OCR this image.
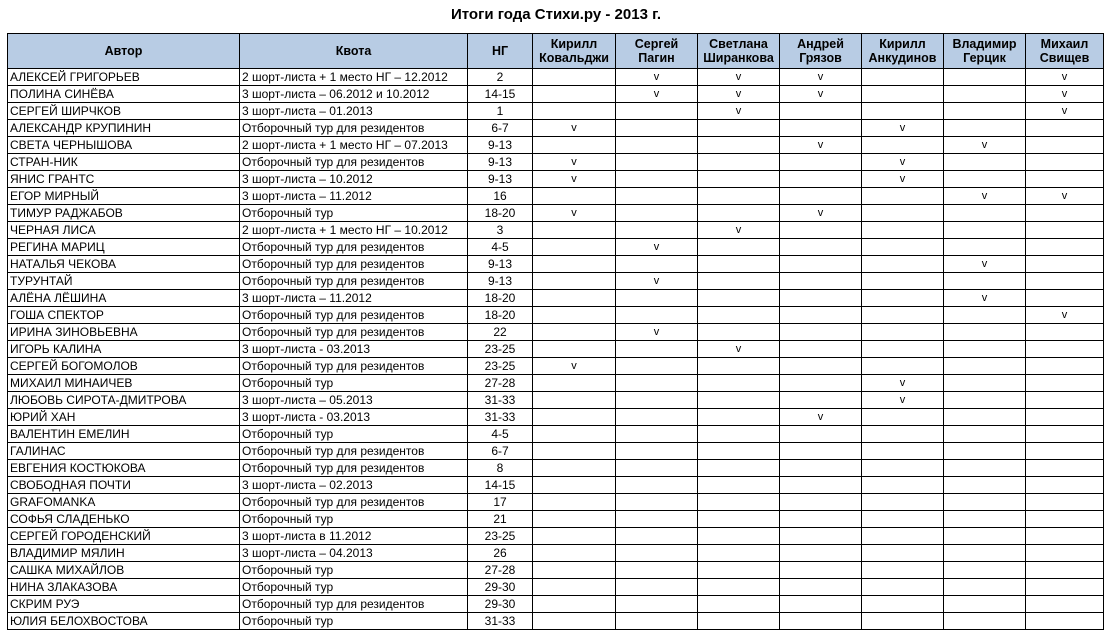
Итоги года Стихи.ру - 2013 г.
Автор	Квота	НГ	Кирилл Ковальджи	Сергей Пагин	Светлана Ширанкова	Андрей Грязов	Кирилл Анкудинов	Владимир Герцик	Михаил Свищев
АЛЕКСЕЙ ГРИГОРЬЕВ	2 шорт-листа + 1 место НГ – 12.2012	2		v	v	v			v
ПОЛИНА СИНЁВА	3 шорт-листа – 06.2012 и 10.2012	14-15		v	v	v			v
СЕРГЕЙ ШИРЧКОВ	3 шорт-листа – 01.2013	1			v				v
АЛЕКСАНДР КРУПИНИН	Отборочный тур для резидентов	6-7	v				v		
СВЕТА ЧЕРНЫШОВА	2 шорт-листа + 1 место НГ – 07.2013	9-13				v		v	
СТРАН-НИК	Отборочный тур для резидентов	9-13	v				v		
ЯНИС ГРАНТС	3 шорт-листа – 10.2012	9-13	v				v		
ЕГОР МИРНЫЙ	3 шорт-листа – 11.2012	16						v	v
ТИМУР РАДЖАБОВ	Отборочный тур	18-20	v			v			
ЧЕРНАЯ ЛИСА	2 шорт-листа + 1 место НГ – 10.2012	3			v				
РЕГИНА МАРИЦ	Отборочный тур для резидентов	4-5		v					
НАТАЛЬЯ ЧЕКОВА	Отборочный тур для резидентов	9-13						v	
ТУРУНТАЙ	Отборочный тур для резидентов	9-13		v					
АЛЁНА ЛЁШИНА	3 шорт-листа – 11.2012	18-20						v	
ГОША СПЕКТОР	Отборочный тур для резидентов	18-20							v
ИРИНА ЗИНОВЬЕВНА	Отборочный тур для резидентов	22		v					
ИГОРЬ КАЛИНА	3 шорт-листа - 03.2013	23-25			v				
СЕРГЕЙ БОГОМОЛОВ	Отборочный тур для резидентов	23-25	v						
МИХАИЛ МИНАИЧЕВ	Отборочный тур	27-28					v		
ЛЮБОВЬ СИРОТА-ДМИТРОВА	3 шорт-листа – 05.2013	31-33					v		
ЮРИЙ ХАН	3 шорт-листа - 03.2013	31-33				v			
ВАЛЕНТИН ЕМЕЛИН	Отборочный тур	4-5							
ГАЛИНАС	Отборочный тур для резидентов	6-7							
ЕВГЕНИЯ КОСТЮКОВА	Отборочный тур для резидентов	8							
СВОБОДНАЯ ПОЧТИ	3 шорт-листа – 02.2013	14-15							
GRAFOMANKA	Отборочный тур для резидентов	17							
СОФЬЯ СЛАДЕНЬКО	Отборочный тур	21							
СЕРГЕЙ ГОРОДЕНСКИЙ	3 шорт-листа в 11.2012	23-25							
ВЛАДИМИР МЯЛИН	3 шорт-листа – 04.2013	26							
САШКА МИХАЙЛОВ	Отборочный тур	27-28							
НИНА ЗЛАКАЗОВА	Отборочный тур	29-30							
СКРИМ РУЭ	Отборочный тур для резидентов	29-30							
ЮЛИЯ БЕЛОХВОСТОВА	Отборочный тур	31-33							
